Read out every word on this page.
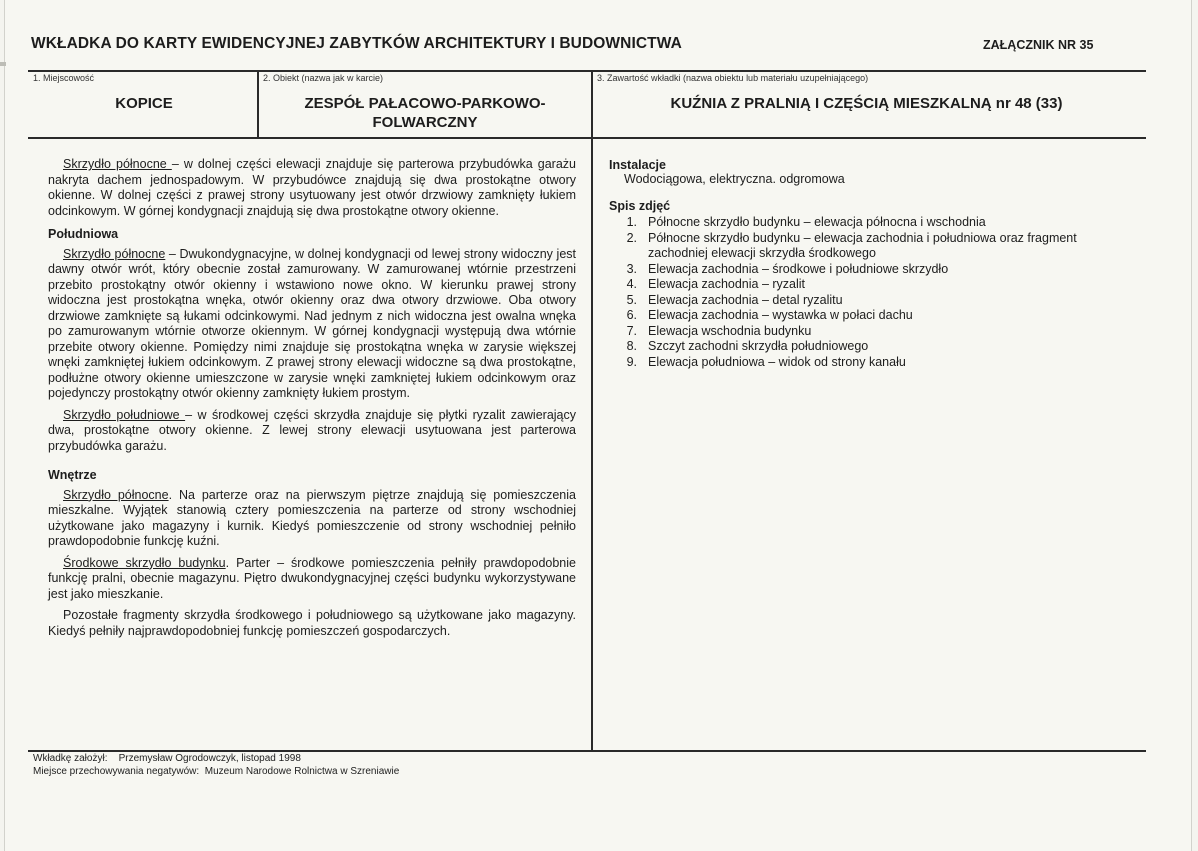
WKŁADKA DO KARTY EWIDENCYJNEJ ZABYTKÓW ARCHITEKTURY I BUDOWNICTWA	ZAŁĄCZNIK NR 35
1. Miejscowość
KOPICE
2. Obiekt (nazwa jak w karcie)
ZESPÓŁ PAŁACOWO-PARKOWO-FOLWARCZNY
3. Zawartość wkładki (nazwa obiektu lub materiału uzupełniającego)
KUŹNIA Z PRALNIĄ I CZĘŚCIĄ MIESZKALNĄ nr 48 (33)

Skrzydło północne – w dolnej części elewacji znajduje się parterowa przybudówka garażu nakryta dachem jednospadowym. W przybudówce znajdują się dwa prostokątne otwory okienne. W dolnej części z prawej strony usytuowany jest otwór drzwiowy zamknięty łukiem odcinkowym. W górnej kondygnacji znajdują się dwa prostokątne otwory okienne.

Południowa

Skrzydło północne – Dwukondygnacyjne, w dolnej kondygnacji od lewej strony widoczny jest dawny otwór wrót, który obecnie został zamurowany. W zamurowanej wtórnie przestrzeni przebito prostokątny otwór okienny i wstawiono nowe okno. W kierunku prawej strony widoczna jest prostokątna wnęka, otwór okienny oraz dwa otwory drzwiowe. Oba otwory drzwiowe zamknięte są łukami odcinkowymi. Nad jednym z nich widoczna jest owalna wnęka po zamurowanym wtórnie otworze okiennym. W górnej kondygnacji występują dwa wtórnie przebite otwory okienne. Pomiędzy nimi znajduje się prostokątna wnęka w zarysie większej wnęki zamkniętej łukiem odcinkowym. Z prawej strony elewacji widoczne są dwa prostokątne, podłużne otwory okienne umieszczone w zarysie wnęki zamkniętej łukiem odcinkowym oraz pojedynczy prostokątny otwór okienny zamknięty łukiem prostym.

Skrzydło południowe – w środkowej części skrzydła znajduje się płytki ryzalit zawierający dwa, prostokątne otwory okienne. Z lewej strony elewacji usytuowana jest parterowa przybudówka garażu.

Wnętrze

Skrzydło północne. Na parterze oraz na pierwszym piętrze znajdują się pomieszczenia mieszkalne. Wyjątek stanowią cztery pomieszczenia na parterze od strony wschodniej użytkowane jako magazyny i kurnik. Kiedyś pomieszczenie od strony wschodniej pełniło prawdopodobnie funkcję kuźni.

Środkowe skrzydło budynku. Parter – środkowe pomieszczenia pełniły prawdopodobnie funkcję pralni, obecnie magazynu. Piętro dwukondygnacyjnej części budynku wykorzystywane jest jako mieszkanie.

Pozostałe fragmenty skrzydła środkowego i południowego są użytkowane jako magazyny. Kiedyś pełniły najprawdopodobniej funkcję pomieszczeń gospodarczych.

Instalacje

Wodociągowa, elektryczna. odgromowa

Spis zdjęć

1. Północne skrzydło budynku – elewacja północna i wschodnia
2. Północne skrzydło budynku – elewacja zachodnia i południowa oraz fragment zachodniej elewacji skrzydła środkowego
3. Elewacja zachodnia – środkowe i południowe skrzydło
4. Elewacja zachodnia – ryzalit
5. Elewacja zachodnia – detal ryzalitu
6. Elewacja zachodnia – wystawka w połaci dachu
7. Elewacja wschodnia budynku
8. Szczyt zachodni skrzydła południowego
9. Elewacja południowa – widok od strony kanału
Wkładkę założył: Przemysław Ogrodowczyk, listopad 1998
Miejsce przechowywania negatywów: Muzeum Narodowe Rolnictwa w Szreniawie
